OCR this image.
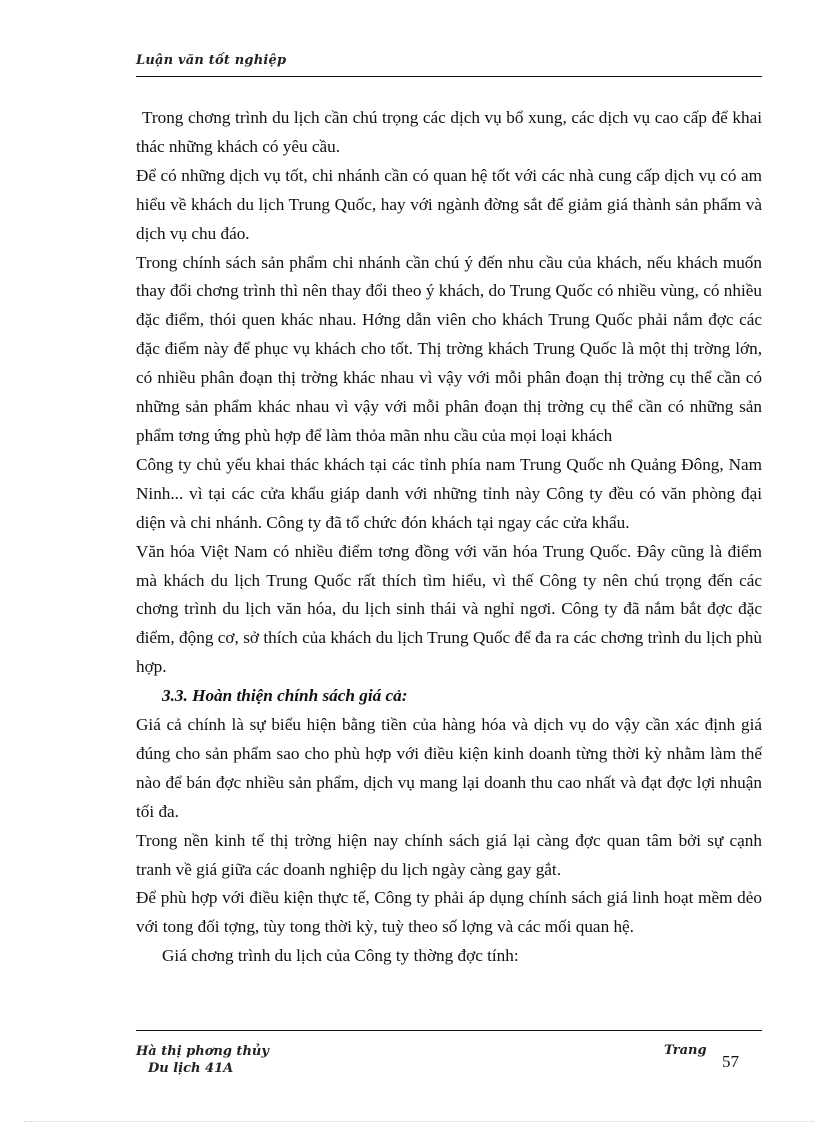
Luận văn tốt nghiệp

Trong chơng trình du lịch cần chú trọng các dịch vụ bổ xung, các dịch vụ cao cấp để khai thác những khách có yêu cầu.

Để có những dịch vụ tốt, chi nhánh cần có quan hệ tốt với các nhà cung cấp dịch vụ có am hiểu về khách du lịch Trung Quốc, hay với ngành đờng sắt để giảm giá thành sản phẩm và dịch vụ chu đáo.

Trong chính sách sản phẩm chi nhánh cần chú ý đến nhu cầu của khách, nếu khách muốn thay đổi chơng trình thì nên thay đổi theo ý khách, do Trung Quốc có nhiều vùng, có nhiều đặc điểm, thói quen khác nhau. Hớng dẫn viên cho khách Trung Quốc phải nắm đợc các đặc điểm này để phục vụ khách cho tốt. Thị trờng khách Trung Quốc là một thị trờng lớn, có nhiều phân đoạn thị trờng khác nhau vì vậy với mỗi phân đoạn thị trờng cụ thể cần có những sản phẩm khác nhau vì vậy với mỗi phân đoạn thị trờng cụ thể cần có những sản phẩm tơng ứng phù hợp để làm thỏa mãn nhu cầu của mọi loại khách

Công ty chủ yếu khai thác khách tại các tỉnh phía nam Trung Quốc nh Quảng Đông, Nam Ninh... vì tại các cửa khẩu giáp danh với những tỉnh này Công ty đều có văn phòng đại diện và chi nhánh. Công ty đã tổ chức đón khách tại ngay các cửa khẩu.

Văn hóa Việt Nam có nhiều điểm tơng đồng với văn hóa Trung Quốc. Đây cũng là điểm mà khách du lịch Trung Quốc rất thích tìm hiểu, vì thế Công ty nên chú trọng đến các chơng trình du lịch văn hóa, du lịch sinh thái và nghỉ ngơi. Công ty đã nắm bắt đợc đặc điểm, động cơ, sở thích của khách du lịch Trung Quốc để đa ra các chơng trình du lịch phù hợp.

3.3. Hoàn thiện chính sách giá cả:

Giá cả chính là sự biểu hiện bằng tiền của hàng hóa và dịch vụ do vậy cần xác định giá đúng cho sản phẩm sao cho phù hợp với điều kiện kinh doanh từng thời kỳ nhằm làm thế nào để bán đợc nhiều sản phẩm, dịch vụ mang lại doanh thu cao nhất và đạt đợc lợi nhuận tối đa.

Trong nền kinh tế thị trờng hiện nay chính sách giá lại càng đợc quan tâm bởi sự cạnh tranh về giá giữa các doanh nghiệp du lịch ngày càng gay gắt.

Để phù hợp với điều kiện thực tế, Công ty phải áp dụng chính sách giá linh hoạt mềm dẻo với tong đối tợng, tùy tong thời kỳ, tuỳ theo số lợng và các mối quan hệ.

Giá chơng trình du lịch của Công ty thờng đợc tính:

Hà thị phơng thủy
Du lịch 41A
Trang
57
